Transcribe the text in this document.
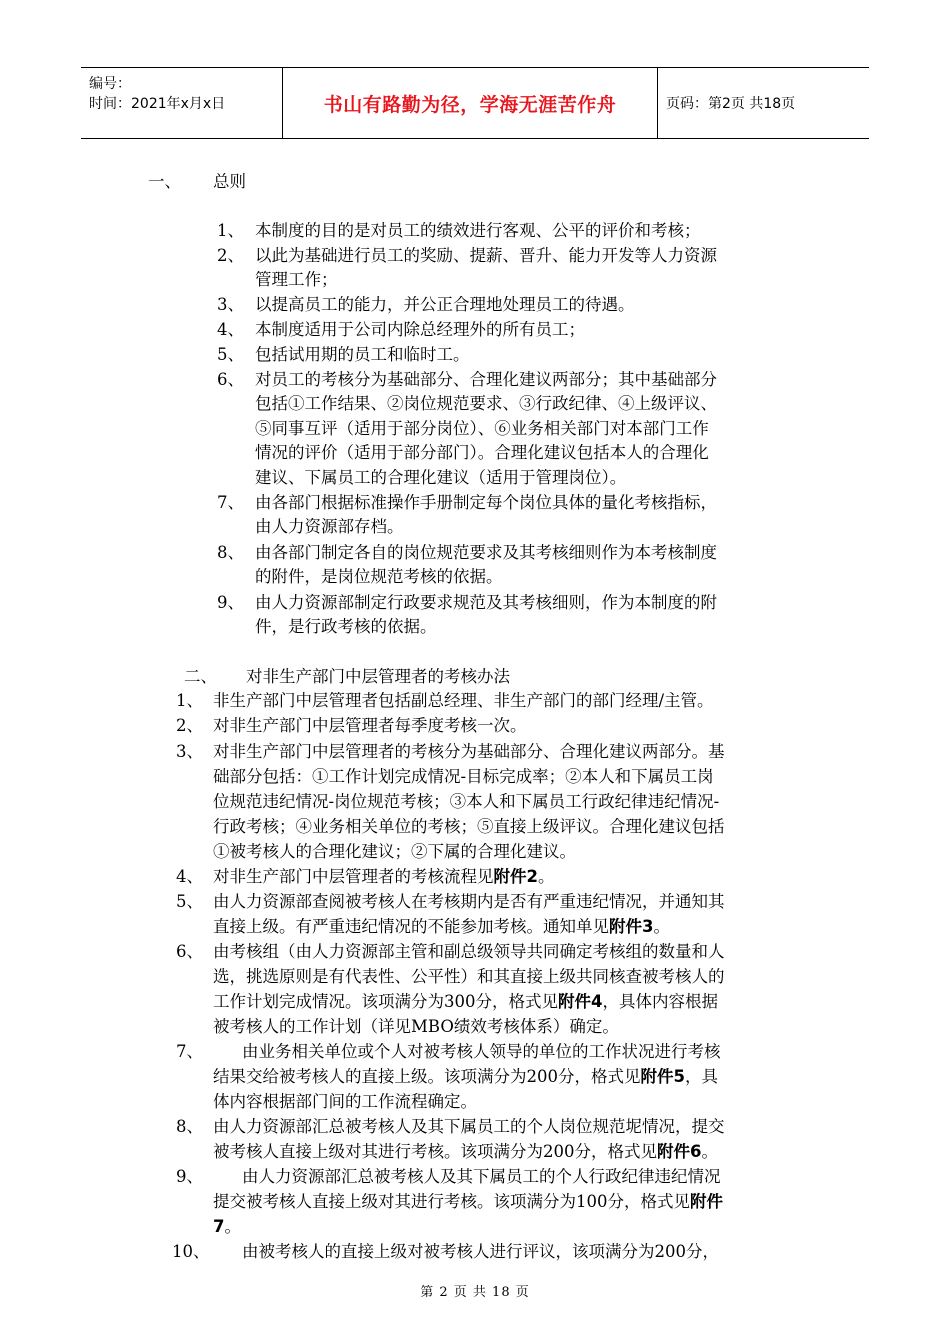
编号：
时间：2021年x月x日	书山有路勤为径，学海无涯苦作舟	页码：第2页 共18页
一、 总则
1、 本制度的目的是对员工的绩效进行客观、公平的评价和考核；
2、 以此为基础进行员工的奖励、提薪、晋升、能力开发等人力资源
管理工作；
3、 以提高员工的能力，并公正合理地处理员工的待遇。
4、 本制度适用于公司内除总经理外的所有员工；
5、 包括试用期的员工和临时工。
6、 对员工的考核分为基础部分、合理化建议两部分；其中基础部分
包括①工作结果、②岗位规范要求、③行政纪律、④上级评议、
⑤同事互评（适用于部分岗位）、⑥业务相关部门对本部门工作
情况的评价（适用于部分部门）。合理化建议包括本人的合理化
建议、下属员工的合理化建议（适用于管理岗位）。
7、 由各部门根据标准操作手册制定每个岗位具体的量化考核指标，
由人力资源部存档。
8、 由各部门制定各自的岗位规范要求及其考核细则作为本考核制度
的附件，是岗位规范考核的依据。
9、 由人力资源部制定行政要求规范及其考核细则，作为本制度的附
件，是行政考核的依据。
二、 对非生产部门中层管理者的考核办法
1、 非生产部门中层管理者包括副总经理、非生产部门的部门经理/主管。
2、 对非生产部门中层管理者每季度考核一次。
3、 对非生产部门中层管理者的考核分为基础部分、合理化建议两部分。基
础部分包括：①工作计划完成情况-目标完成率；②本人和下属员工岗
位规范违纪情况-岗位规范考核；③本人和下属员工行政纪律违纪情况-
行政考核；④业务相关单位的考核；⑤直接上级评议。合理化建议包括
①被考核人的合理化建议；②下属的合理化建议。
4、 对非生产部门中层管理者的考核流程见附件2。
5、 由人力资源部查阅被考核人在考核期内是否有严重违纪情况，并通知其
直接上级。有严重违纪情况的不能参加考核。通知单见附件3。
6、 由考核组（由人力资源部主管和副总级领导共同确定考核组的数量和人
选，挑选原则是有代表性、公平性）和其直接上级共同核查被考核人的
工作计划完成情况。该项满分为300分，格式见附件4，具体内容根据
被考核人的工作计划（详见MBO绩效考核体系）确定。
7、 由业务相关单位或个人对被考核人领导的单位的工作状况进行考核
结果交给被考核人的直接上级。该项满分为200分，格式见附件5，具
体内容根据部门间的工作流程确定。
8、 由人力资源部汇总被考核人及其下属员工的个人岗位规范坭情况，提交
被考核人直接上级对其进行考核。该项满分为200分，格式见附件6。
9、 由人力资源部汇总被考核人及其下属员工的个人行政纪律违纪情况
提交被考核人直接上级对其进行考核。该项满分为100分，格式见附件
7。
10、 由被考核人的直接上级对被考核人进行评议，该项满分为200分，
第 2 页 共 18 页
